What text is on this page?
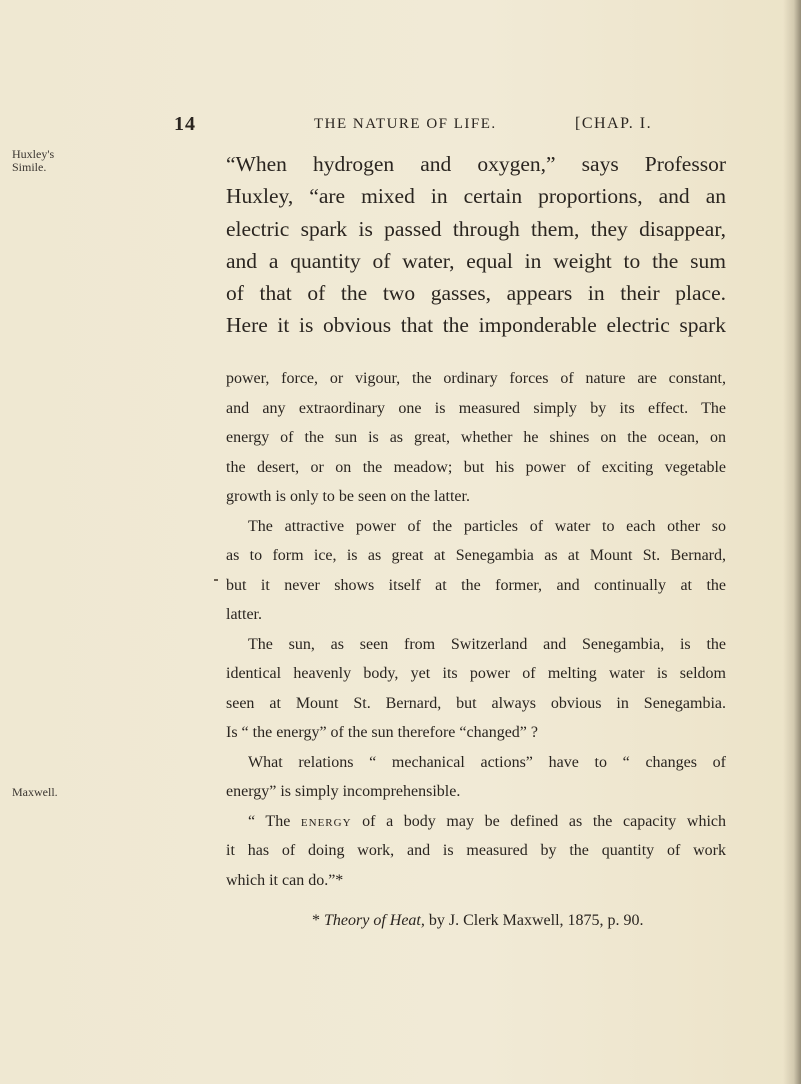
14	THE NATURE OF LIFE.	[CHAP. I.
Huxley's
Simile.
Maxwell.
“When hydrogen and oxygen,” says Professor
Huxley, “are mixed in certain proportions, and an
electric spark is passed through them, they disappear,
and a quantity of water, equal in weight to the sum
of that of the two gasses, appears in their place.
Here it is obvious that the imponderable electric spark
power, force, or vigour, the ordinary forces of nature are constant,
and any extraordinary one is measured simply by its effect. The
energy of the sun is as great, whether he shines on the ocean, on
the desert, or on the meadow; but his power of exciting vegetable
growth is only to be seen on the latter.
The attractive power of the particles of water to each other so
as to form ice, is as great at Senegambia as at Mount St. Bernard,
but it never shows itself at the former, and continually at the
latter.
The sun, as seen from Switzerland and Senegambia, is the
identical heavenly body, yet its power of melting water is seldom
seen at Mount St. Bernard, but always obvious in Senegambia.
Is “ the energy” of the sun therefore “changed” ?
What relations “ mechanical actions” have to “ changes of
energy” is simply incomprehensible.
“ The energy of a body may be defined as the capacity which
it has of doing work, and is measured by the quantity of work
which it can do.”*
* Theory of Heat, by J. Clerk Maxwell, 1875, p. 90.
